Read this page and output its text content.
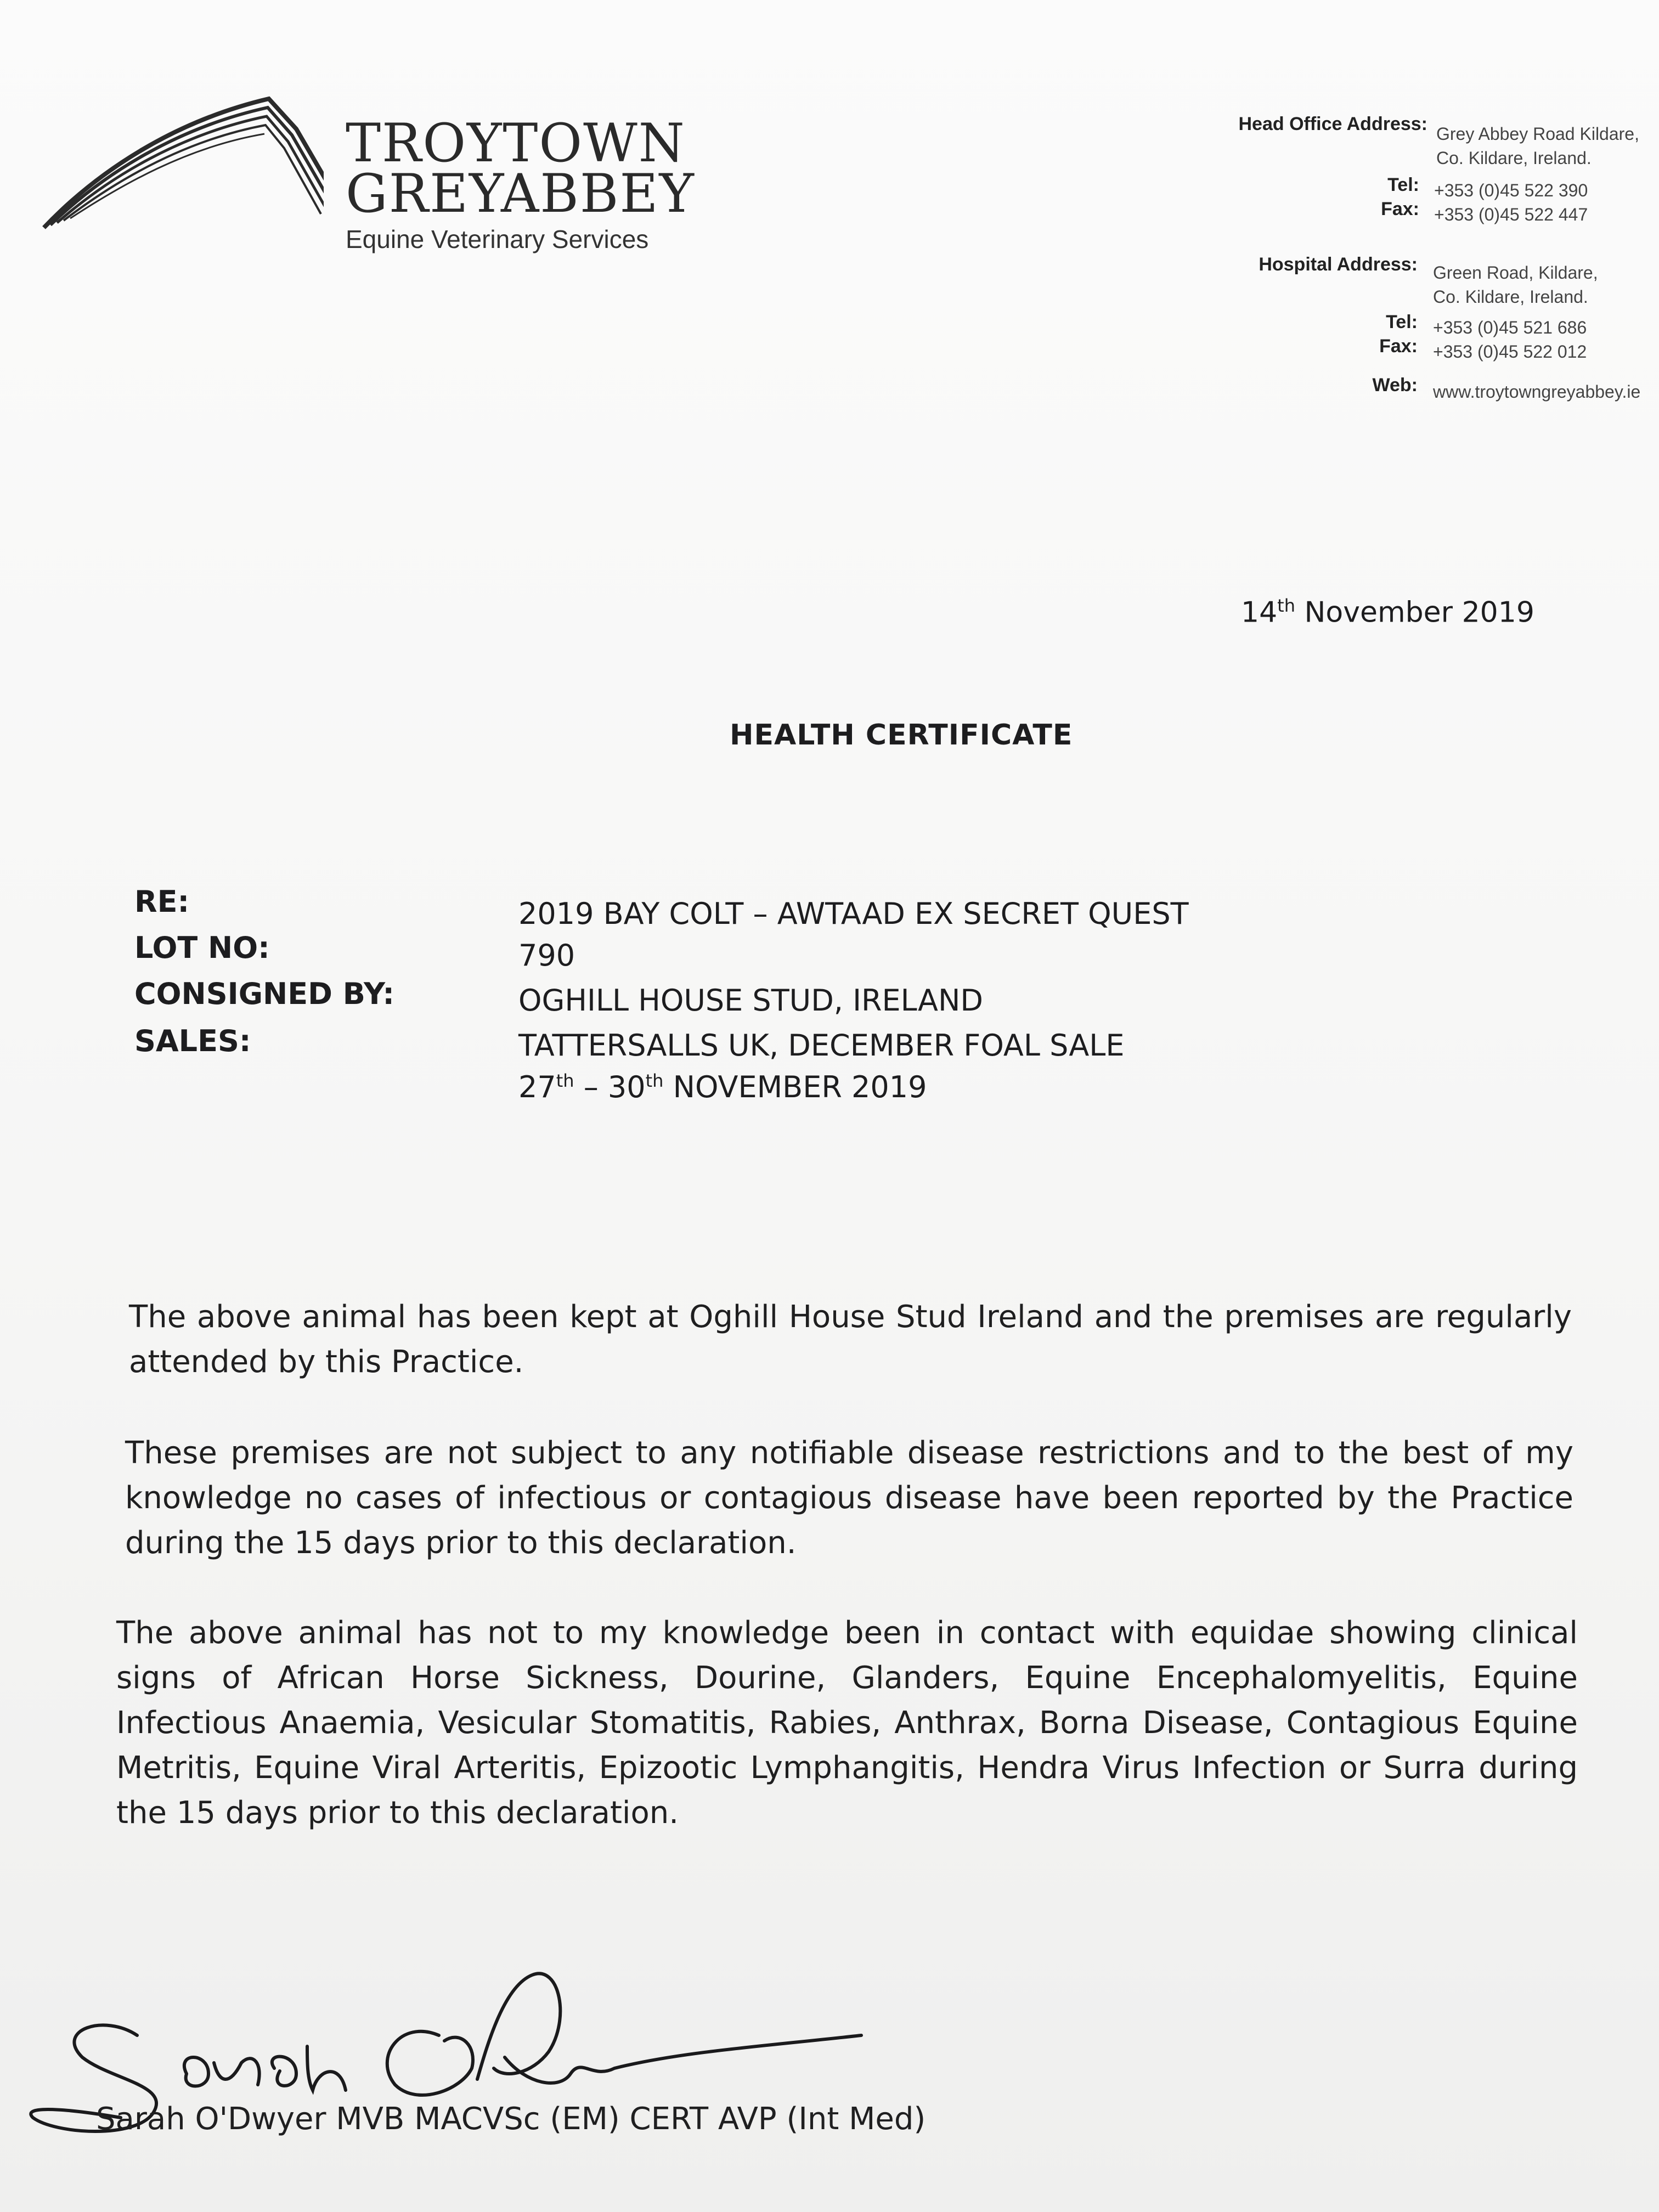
TROYTOWN
GREYABBEY
Equine Veterinary Services
Head Office Address: Grey Abbey Road Kildare,
Co. Kildare, Ireland.
Tel: +353 (0)45 522 390
Fax: +353 (0)45 522 447
Hospital Address: Green Road, Kildare,
Co. Kildare, Ireland.
Tel: +353 (0)45 521 686
Fax: +353 (0)45 522 012
Web: www.troytowngreyabbey.ie
14th November 2019
HEALTH CERTIFICATE
RE:	2019 BAY COLT – AWTAAD EX SECRET QUEST
LOT NO:	790
CONSIGNED BY:	OGHILL HOUSE STUD, IRELAND
SALES:	TATTERSALLS UK, DECEMBER FOAL SALE
27th – 30th NOVEMBER 2019
The above animal has been kept at Oghill House Stud Ireland and the premises are regularly attended by this Practice.
These premises are not subject to any notifiable disease restrictions and to the best of my knowledge no cases of infectious or contagious disease have been reported by the Practice during the 15 days prior to this declaration.
The above animal has not to my knowledge been in contact with equidae showing clinical signs of African Horse Sickness, Dourine, Glanders, Equine Encephalomyelitis, Equine Infectious Anaemia, Vesicular Stomatitis, Rabies, Anthrax, Borna Disease, Contagious Equine Metritis, Equine Viral Arteritis, Epizootic Lymphangitis, Hendra Virus Infection or Surra during the 15 days prior to this declaration.
Sarah O'Dwyer MVB MACVSc (EM) CERT AVP (Int Med)
